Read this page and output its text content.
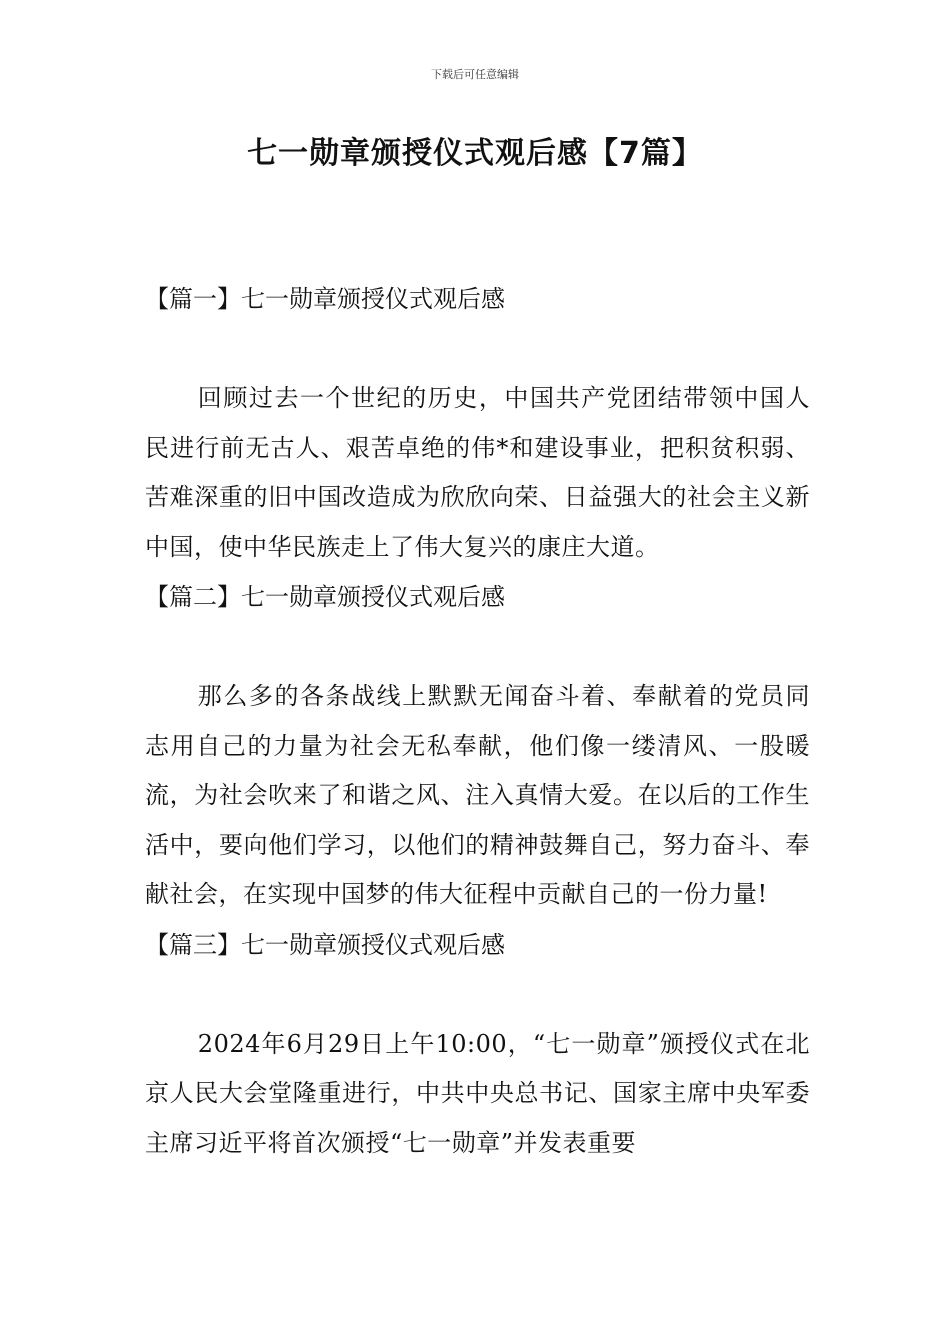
下载后可任意编辑
七一勋章颁授仪式观后感【7篇】
【篇一】七一勋章颁授仪式观后感

回顾过去一个世纪的历史，中国共产党团结带领中国人民进行前无古人、艰苦卓绝的伟*和建设事业，把积贫积弱、苦难深重的旧中国改造成为欣欣向荣、日益强大的社会主义新中国，使中华民族走上了伟大复兴的康庄大道。

【篇二】七一勋章颁授仪式观后感

那么多的各条战线上默默无闻奋斗着、奉献着的党员同志用自己的力量为社会无私奉献，他们像一缕清风、一股暖流，为社会吹来了和谐之风、注入真情大爱。在以后的工作生活中，要向他们学习，以他们的精神鼓舞自己，努力奋斗、奉献社会，在实现中国梦的伟大征程中贡献自己的一份力量!

【篇三】七一勋章颁授仪式观后感

2024年6月29日上午10:00，“七一勋章”颁授仪式在北京人民大会堂隆重进行，中共中央总书记、国家主席中央军委主席习近平将首次颁授“七一勋章”并发表重要
